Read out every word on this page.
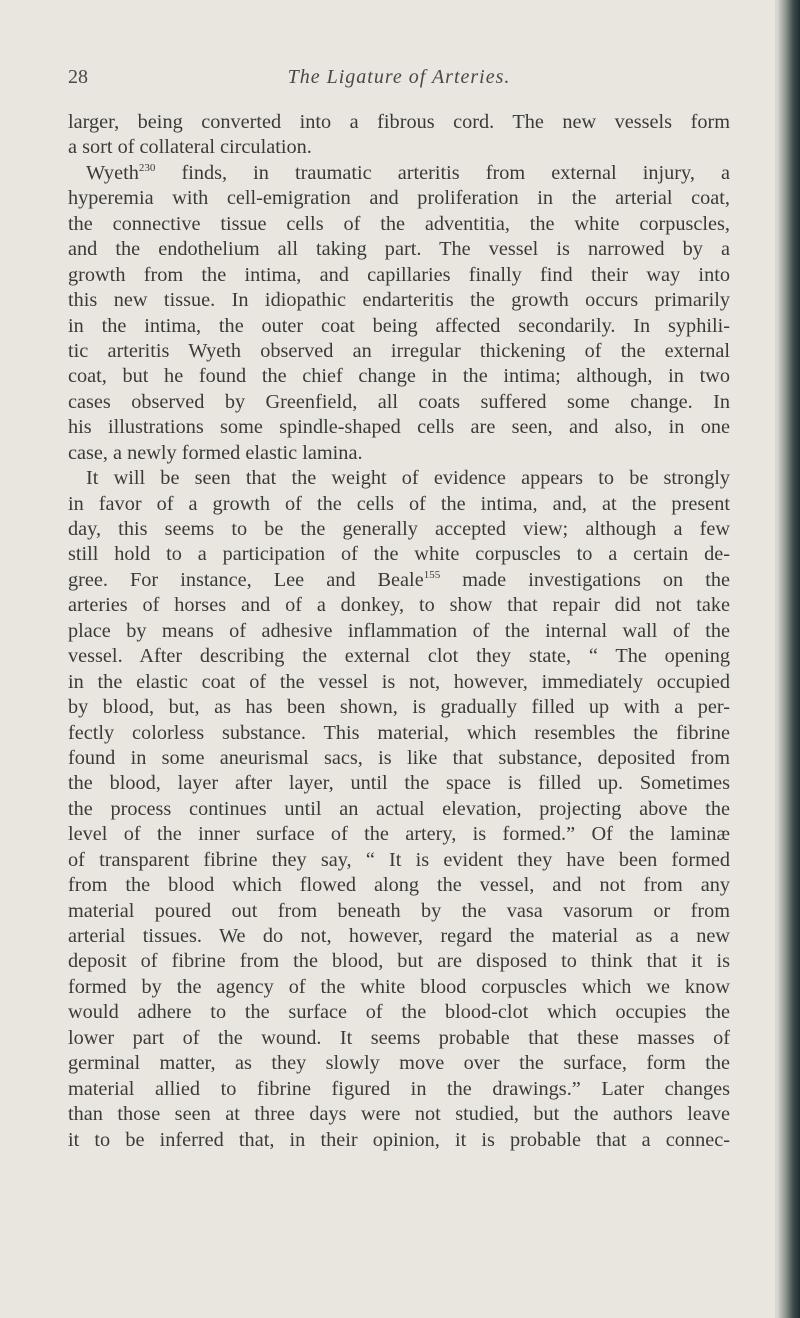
28	The Ligature of Arteries.
larger, being converted into a fibrous cord. The new vessels form
a sort of collateral circulation.
Wyeth$^{230}$ finds, in traumatic arteritis from external injury, a
hyperemia with cell-emigration and proliferation in the arterial coat,
the connective tissue cells of the adventitia, the white corpuscles,
and the endothelium all taking part. The vessel is narrowed by a
growth from the intima, and capillaries finally find their way into
this new tissue. In idiopathic endarteritis the growth occurs primarily
in the intima, the outer coat being affected secondarily. In syphili-
tic arteritis Wyeth observed an irregular thickening of the external
coat, but he found the chief change in the intima; although, in two
cases observed by Greenfield, all coats suffered some change. In
his illustrations some spindle-shaped cells are seen, and also, in one
case, a newly formed elastic lamina.
It will be seen that the weight of evidence appears to be strongly
in favor of a growth of the cells of the intima, and, at the present
day, this seems to be the generally accepted view; although a few
still hold to a participation of the white corpuscles to a certain de-
gree. For instance, Lee and Beale$^{155}$ made investigations on the
arteries of horses and of a donkey, to show that repair did not take
place by means of adhesive inflammation of the internal wall of the
vessel. After describing the external clot they state, “ The opening
in the elastic coat of the vessel is not, however, immediately occupied
by blood, but, as has been shown, is gradually filled up with a per-
fectly colorless substance. This material, which resembles the fibrine
found in some aneurismal sacs, is like that substance, deposited from
the blood, layer after layer, until the space is filled up. Sometimes
the process continues until an actual elevation, projecting above the
level of the inner surface of the artery, is formed.” Of the laminæ
of transparent fibrine they say, “ It is evident they have been formed
from the blood which flowed along the vessel, and not from any
material poured out from beneath by the vasa vasorum or from
arterial tissues. We do not, however, regard the material as a new
deposit of fibrine from the blood, but are disposed to think that it is
formed by the agency of the white blood corpuscles which we know
would adhere to the surface of the blood-clot which occupies the
lower part of the wound. It seems probable that these masses of
germinal matter, as they slowly move over the surface, form the
material allied to fibrine figured in the drawings.” Later changes
than those seen at three days were not studied, but the authors leave
it to be inferred that, in their opinion, it is probable that a connec-
